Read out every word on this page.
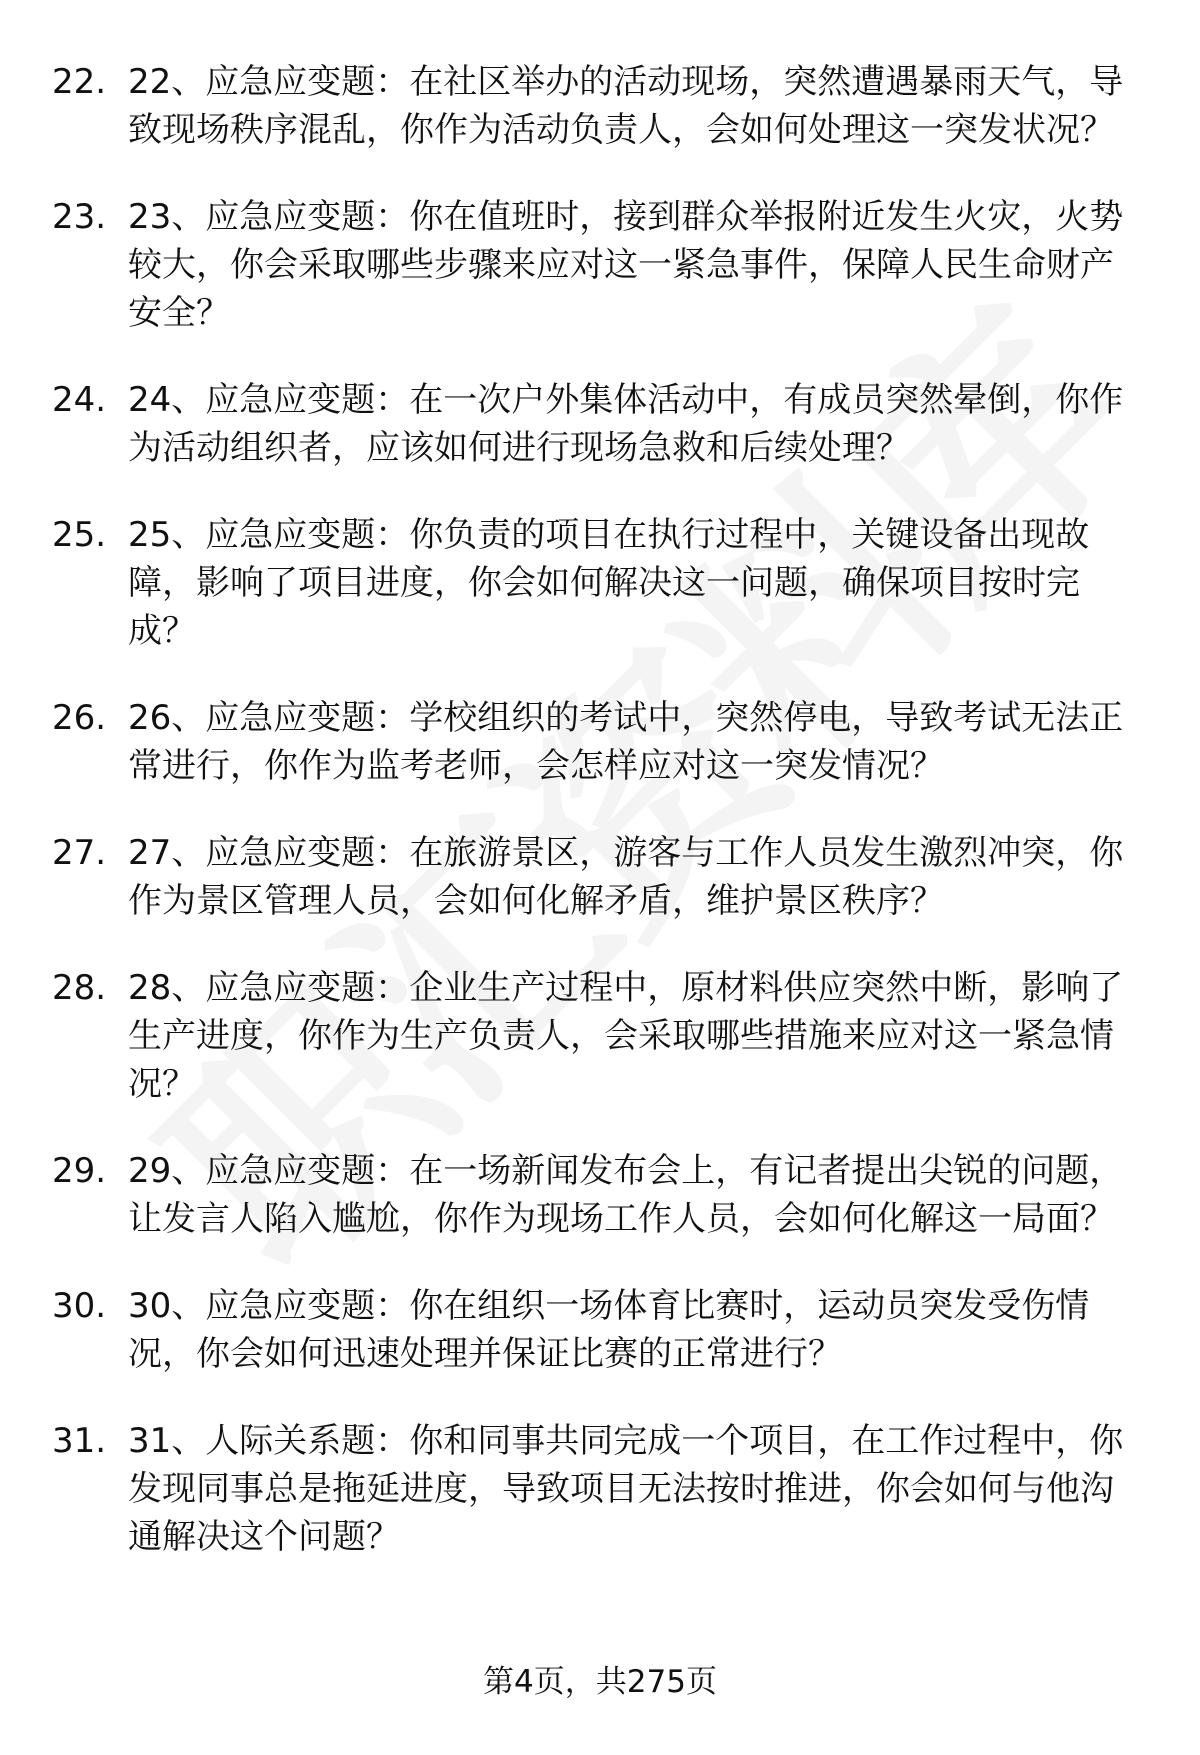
22. 22、应急应变题：在社区举办的活动现场，突然遭遇暴雨天气，导致现场秩序混乱，你作为活动负责人，会如何处理这一突发状况？
23. 23、应急应变题：你在值班时，接到群众举报附近发生火灾，火势较大，你会采取哪些步骤来应对这一紧急事件，保障人民生命财产安全？
24. 24、应急应变题：在一次户外集体活动中，有成员突然晕倒，你作为活动组织者，应该如何进行现场急救和后续处理？
25. 25、应急应变题：你负责的项目在执行过程中，关键设备出现故障，影响了项目进度，你会如何解决这一问题，确保项目按时完成？
26. 26、应急应变题：学校组织的考试中，突然停电，导致考试无法正常进行，你作为监考老师，会怎样应对这一突发情况？
27. 27、应急应变题：在旅游景区，游客与工作人员发生激烈冲突，你作为景区管理人员，会如何化解矛盾，维护景区秩序？
28. 28、应急应变题：企业生产过程中，原材料供应突然中断，影响了生产进度，你作为生产负责人，会采取哪些措施来应对这一紧急情况？
29. 29、应急应变题：在一场新闻发布会上，有记者提出尖锐的问题，让发言人陷入尴尬，你作为现场工作人员，会如何化解这一局面？
30. 30、应急应变题：你在组织一场体育比赛时，运动员突发受伤情况，你会如何迅速处理并保证比赛的正常进行？
31. 31、人际关系题：你和同事共同完成一个项目，在工作过程中，你发现同事总是拖延进度，导致项目无法按时推进，你会如何与他沟通解决这个问题？
第4页，共275页
